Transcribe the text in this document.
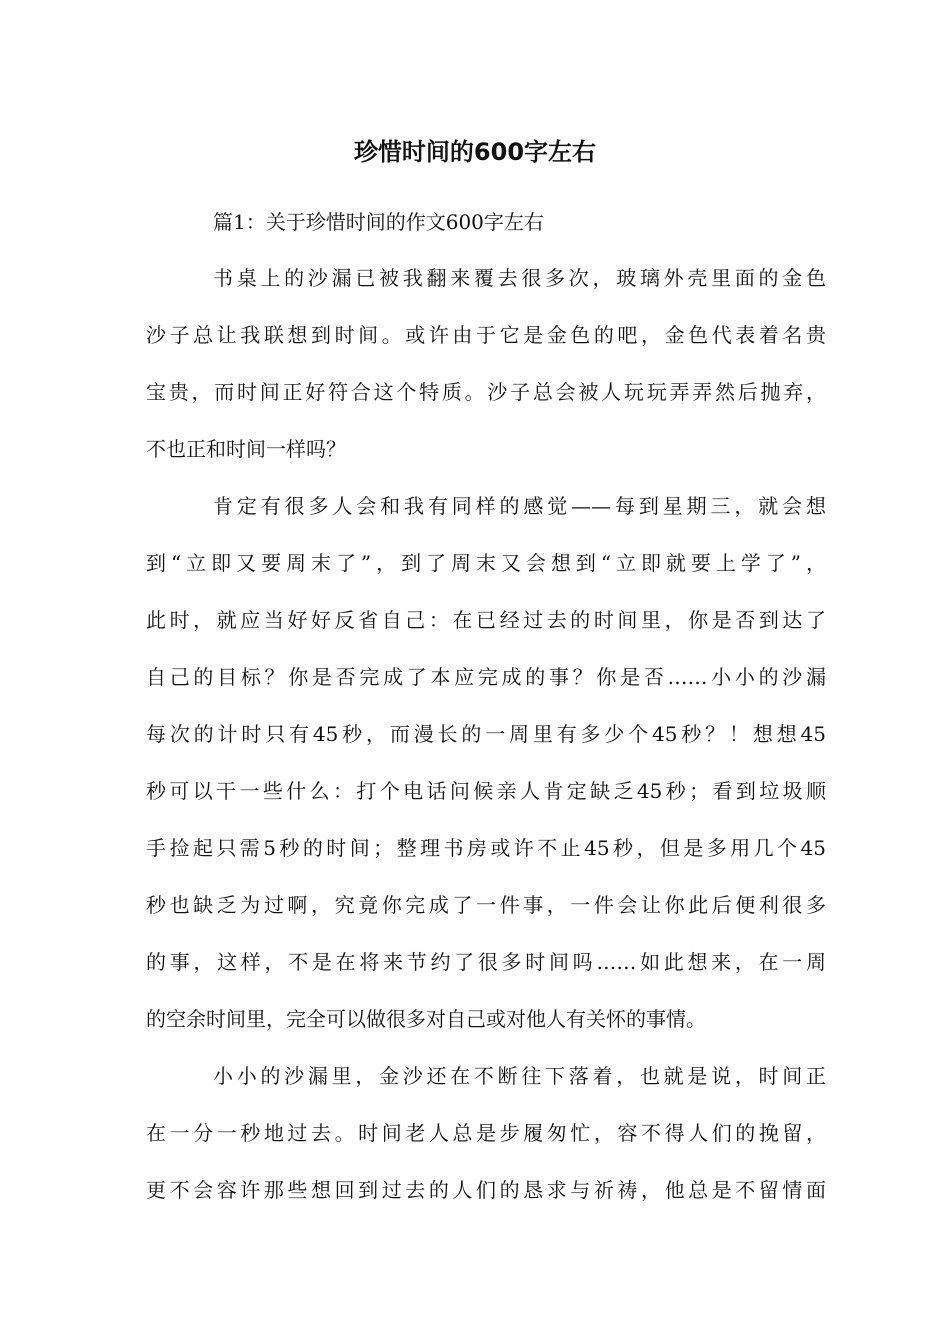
珍惜时间的600字左右

篇1：关于珍惜时间的作文600字左右

书桌上的沙漏已被我翻来覆去很多次，玻璃外壳里面的金色

沙子总让我联想到时间。或许由于它是金色的吧，金色代表着名贵

宝贵，而时间正好符合这个特质。沙子总会被人玩玩弄弄然后抛弃，

不也正和时间一样吗？

肯定有很多人会和我有同样的感觉——每到星期三，就会想

到“立即又要周末了”，到了周末又会想到“立即就要上学了”，

此时，就应当好好反省自己：在已经过去的时间里，你是否到达了

自己的目标？你是否完成了本应完成的事？你是否……小小的沙漏

每次的计时只有45秒，而漫长的一周里有多少个45秒？！想想45

秒可以干一些什么：打个电话问候亲人肯定缺乏45秒；看到垃圾顺

手捡起只需5秒的时间；整理书房或许不止45秒，但是多用几个45

秒也缺乏为过啊，究竟你完成了一件事，一件会让你此后便利很多

的事，这样，不是在将来节约了很多时间吗……如此想来，在一周

的空余时间里，完全可以做很多对自己或对他人有关怀的事情。

小小的沙漏里，金沙还在不断往下落着，也就是说，时间正

在一分一秒地过去。时间老人总是步履匆忙，容不得人们的挽留，

更不会容许那些想回到过去的人们的恳求与祈祷，他总是不留情面
